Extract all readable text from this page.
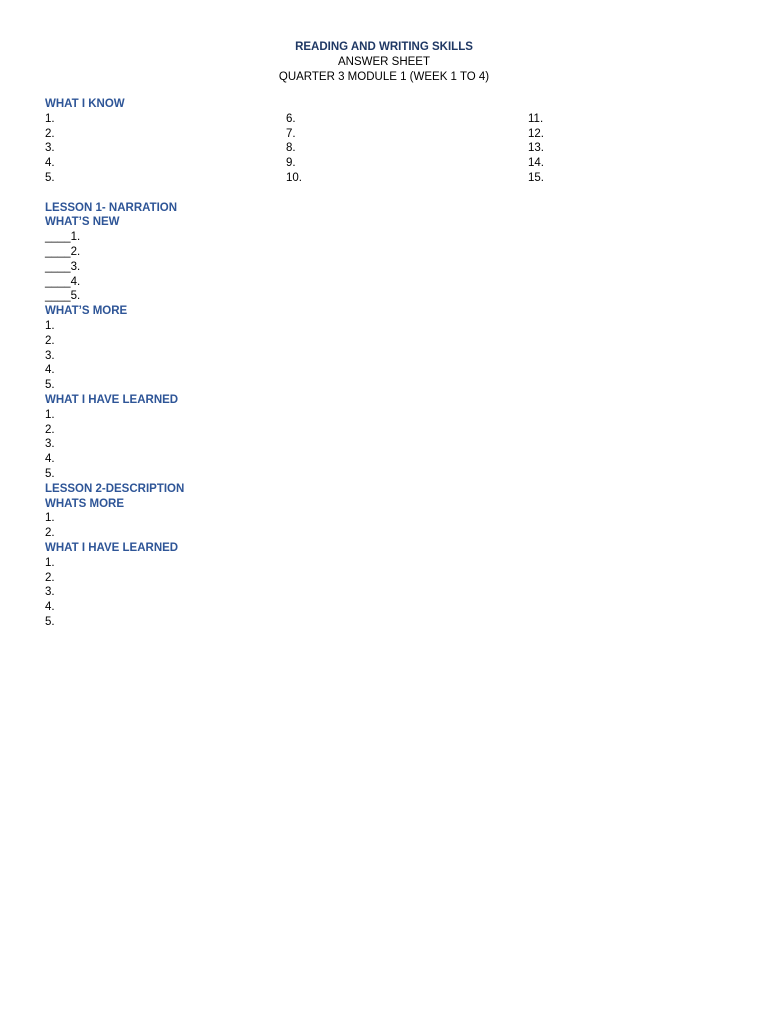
READING AND WRITING SKILLS
ANSWER SHEET
QUARTER 3 MODULE 1 (WEEK 1 TO 4)
WHAT I KNOW
1.
2.
3.
4.
5.
6.
7.
8.
9.
10.
11.
12.
13.
14.
15.
LESSON 1- NARRATION
WHAT’S NEW
____1.
____2.
____3.
____4.
____5.
WHAT’S MORE
1.
2.
3.
4.
5.
WHAT I HAVE LEARNED
1.
2.
3.
4.
5.
LESSON 2-DESCRIPTION
WHATS MORE
1.
2.
WHAT I HAVE LEARNED
1.
2.
3.
4.
5.
